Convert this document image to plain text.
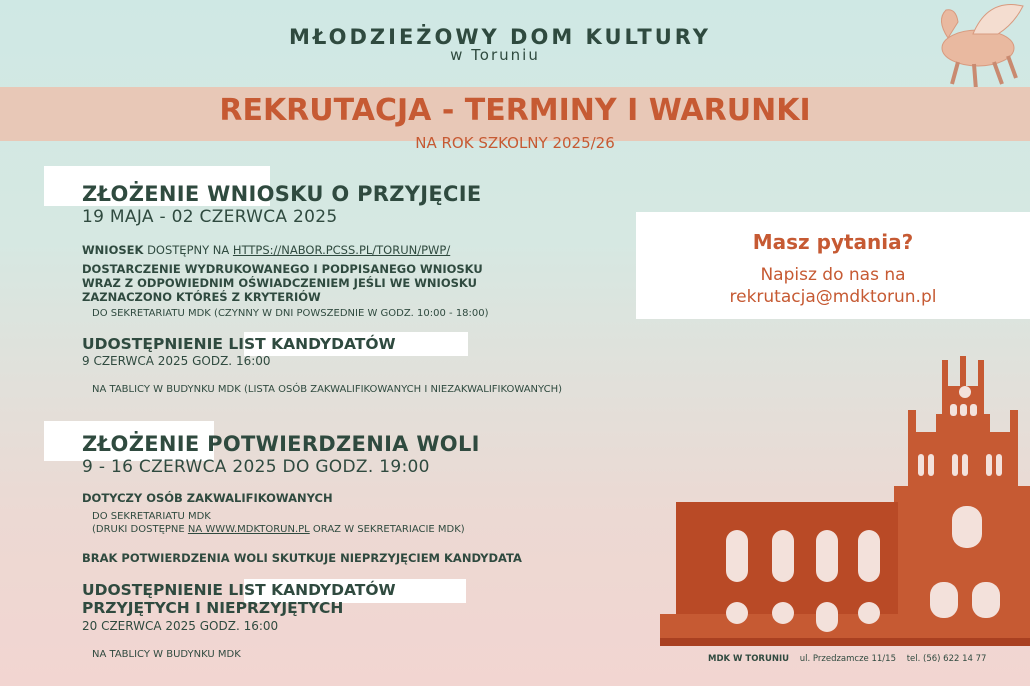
MŁODZIEŻOWY DOM KULTURY
w Toruniu
REKRUTACJA - TERMINY I WARUNKI
NA ROK SZKOLNY 2025/26
ZŁOŻENIE WNIOSKU O PRZYJĘCIE
19 MAJA - 02 CZERWCA 2025
WNIOSEK DOSTĘPNY NA HTTPS://NABOR.PCSS.PL/TORUN/PWP/
DOSTARCZENIE WYDRUKOWANEGO I PODPISANEGO WNIOSKU
WRAZ Z ODPOWIEDNIM OŚWIADCZENIEM JEŚLI WE WNIOSKU
ZAZNACZONO KTÓREŚ Z KRYTERIÓW
DO SEKRETARIATU MDK (CZYNNY W DNI POWSZEDNIE W GODZ. 10:00 - 18:00)
UDOSTĘPNIENIE LIST KANDYDATÓW
9 CZERWCA 2025 GODZ. 16:00
NA TABLICY W BUDYNKU MDK (LISTA OSÓB ZAKWALIFIKOWANYCH I NIEZAKWALIFIKOWANYCH)
ZŁOŻENIE POTWIERDZENIA WOLI
9 - 16 CZERWCA 2025 DO GODZ. 19:00
DOTYCZY OSÓB ZAKWALIFIKOWANYCH
DO SEKRETARIATU MDK
(DRUKI DOSTĘPNE NA WWW.MDKTORUN.PL ORAZ W SEKRETARIACIE MDK)
BRAK POTWIERDZENIA WOLI SKUTKUJE NIEPRZYJĘCIEM KANDYDATA
UDOSTĘPNIENIE LIST KANDYDATÓW
PRZYJĘTYCH I NIEPRZYJĘTYCH
20 CZERWCA 2025 GODZ. 16:00
NA TABLICY W BUDYNKU MDK
Masz pytania?
Napisz do nas na
rekrutacja@mdktorun.pl
MDK W TORUNIU ul. Przedzamcze 11/15 tel. (56) 622 14 77
